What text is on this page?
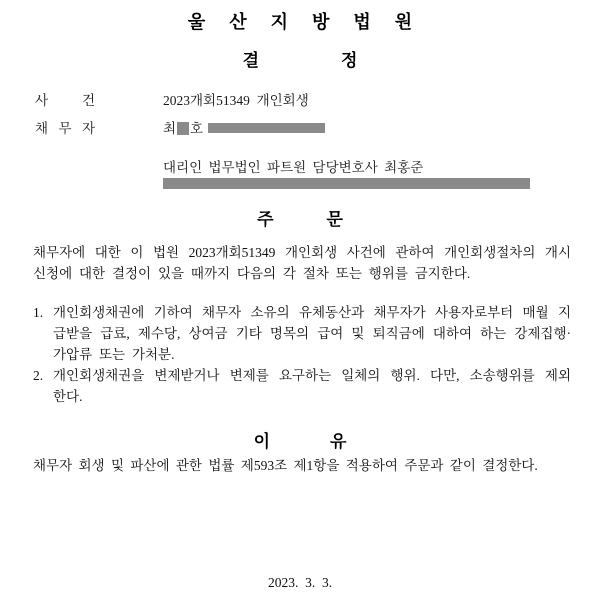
울산지방법원
결	정
사	건	2023개회51349  개인회생
채 무 자	최 호

대리인 법무법인 파트원 담당변호사 최홍준
주	문
채무자에 대한 이 법원 2023개회51349 개인회생 사건에 관하여 개인회생절차의 개시
신청에 대한 결정이 있을 때까지 다음의 각 절차 또는 행위를 금지한다.
1. 개인회생채권에 기하여 채무자 소유의 유체동산과 채무자가 사용자로부터 매월 지
급받을 급료, 제수당, 상여금 기타 명목의 급여 및 퇴직금에 대하여 하는 강제집행·
가압류 또는 가처분.
2. 개인회생채권을 변제받거나 변제를 요구하는 일체의 행위. 다만, 소송행위를 제외
한다.
이	유
채무자 회생 및 파산에 관한 법률 제593조 제1항을 적용하여 주문과 같이 결정한다.
2023.  3.  3.
